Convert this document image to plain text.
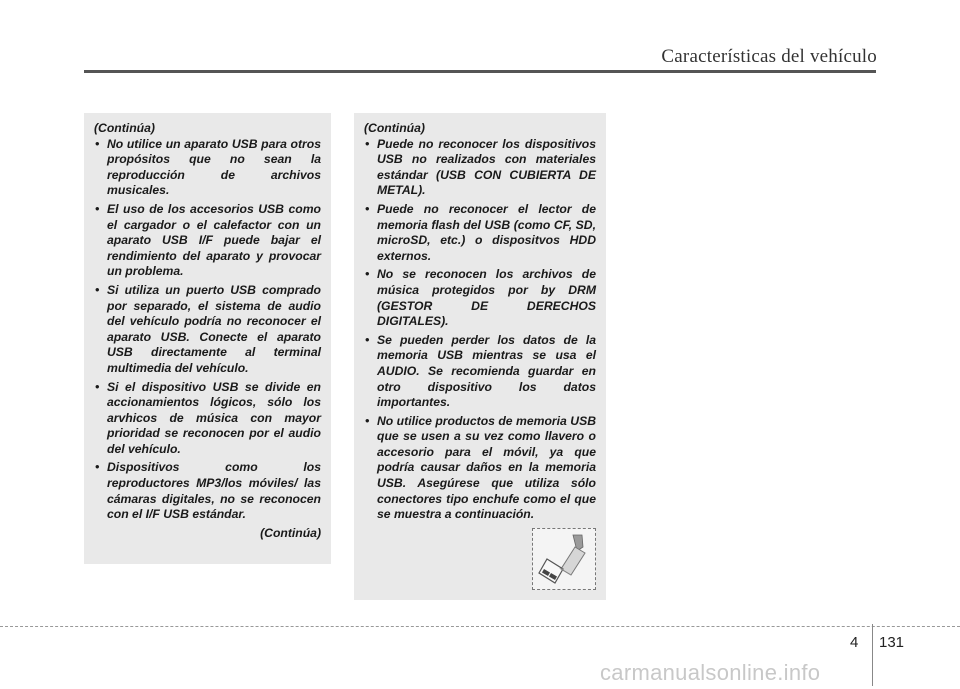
Características del vehículo
(Continúa)
• No utilice un aparato USB para otros propósitos que no sean la reproducción de archivos musicales.
• El uso de los accesorios USB como el cargador o el calefactor con un aparato USB I/F puede bajar el rendimiento del aparato y provocar un problema.
• Si utiliza un puerto USB comprado por separado, el sistema de audio del vehículo podría no reconocer el aparato USB. Conecte el aparato USB directamente al terminal multimedia del vehículo.
• Si el dispositivo USB se divide en accionamientos lógicos, sólo los arvhicos de música con mayor prioridad se reconocen por el audio del vehículo.
• Dispositivos como los reproductores MP3/los móviles/ las cámaras digitales, no se reconocen con el I/F USB estándar.
(Continúa)
(Continúa)
• Puede no reconocer los dispositivos USB no realizados con materiales estándar (USB CON CUBIERTA DE METAL).
• Puede no reconocer el lector de memoria flash del USB (como CF, SD, microSD, etc.) o dispositvos HDD externos.
• No se reconocen los archivos de música protegidos por by DRM (GESTOR DE DERECHOS DIGITALES).
• Se pueden perder los datos de la memoria USB mientras se usa el AUDIO. Se recomienda guardar en otro dispositivo los datos importantes.
• No utilice productos de memoria USB que se usen a su vez como llavero o accesorio para el móvil, ya que podría causar daños en la memoria USB. Asegúrese que utiliza sólo conectores tipo enchufe como el que se muestra a continuación.
4 131
carmanualsonline.info
